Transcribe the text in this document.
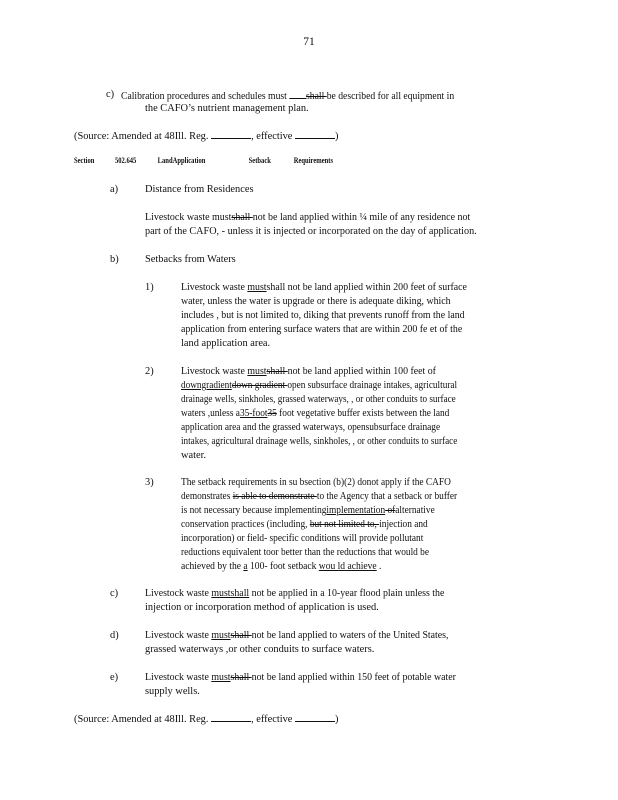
71
c) Calibration procedures and schedules must shall be described for all equipment in
the CAFO’s nutrient management plan.
(Source: Amended at 48Ill. Reg.	, effective	)
Section	502.645	LandApplication	Setback	Requirements
a)	Distance from Residences
Livestock waste mustshall not be land applied within ¼ mile of any residence not
part of the CAFO, - unless it is injected or incorporated on the day of application.
b)	Setbacks from Waters
1)	Livestock waste mustshall not be land applied within 200 feet of surface
water, unless the water is upgrade or there is adequate diking, which
includes , but is not limited to, diking that prevents runoff from the land
application from entering surface waters that are within 200 fe et of the
land application area.
2)	Livestock waste mustshall not be land applied within 100 feet of
downgradientdown gradient open subsurface drainage intakes, agricultural
drainage wells, sinkholes, grassed waterways, , or other conduits to surface
waters ,unless a35-foot35 foot vegetative buffer exists between the land
application area and the grassed waterways, opensubsurface drainage
intakes, agricultural drainage wells, sinkholes, , or other conduits to surface
water.
3)	The setback requirements in su bsection (b)(2) donot apply if the CAFO
demonstrates is able to demonstrate to the Agency that a setback or buffer
is not necessary because implementingimplementation ofalternative
conservation practices (including, but not limited to, injection and
incorporation) or field- specific conditions will provide pollutant
reductions equivalent toor better than the reductions that would be
achieved by the a 100- foot setback wou ld achieve .
c)	Livestock waste mustshall not be applied in a 10-year flood plain unless the
injection or incorporation method of application is used.
d)	Livestock waste mustshall not be land applied to waters of the United States,
grassed waterways ,or other conduits to surface waters.
e)	Livestock waste mustshall not be land applied within 150 feet of potable water
supply wells.
(Source: Amended at 48Ill. Reg.	, effective	)
